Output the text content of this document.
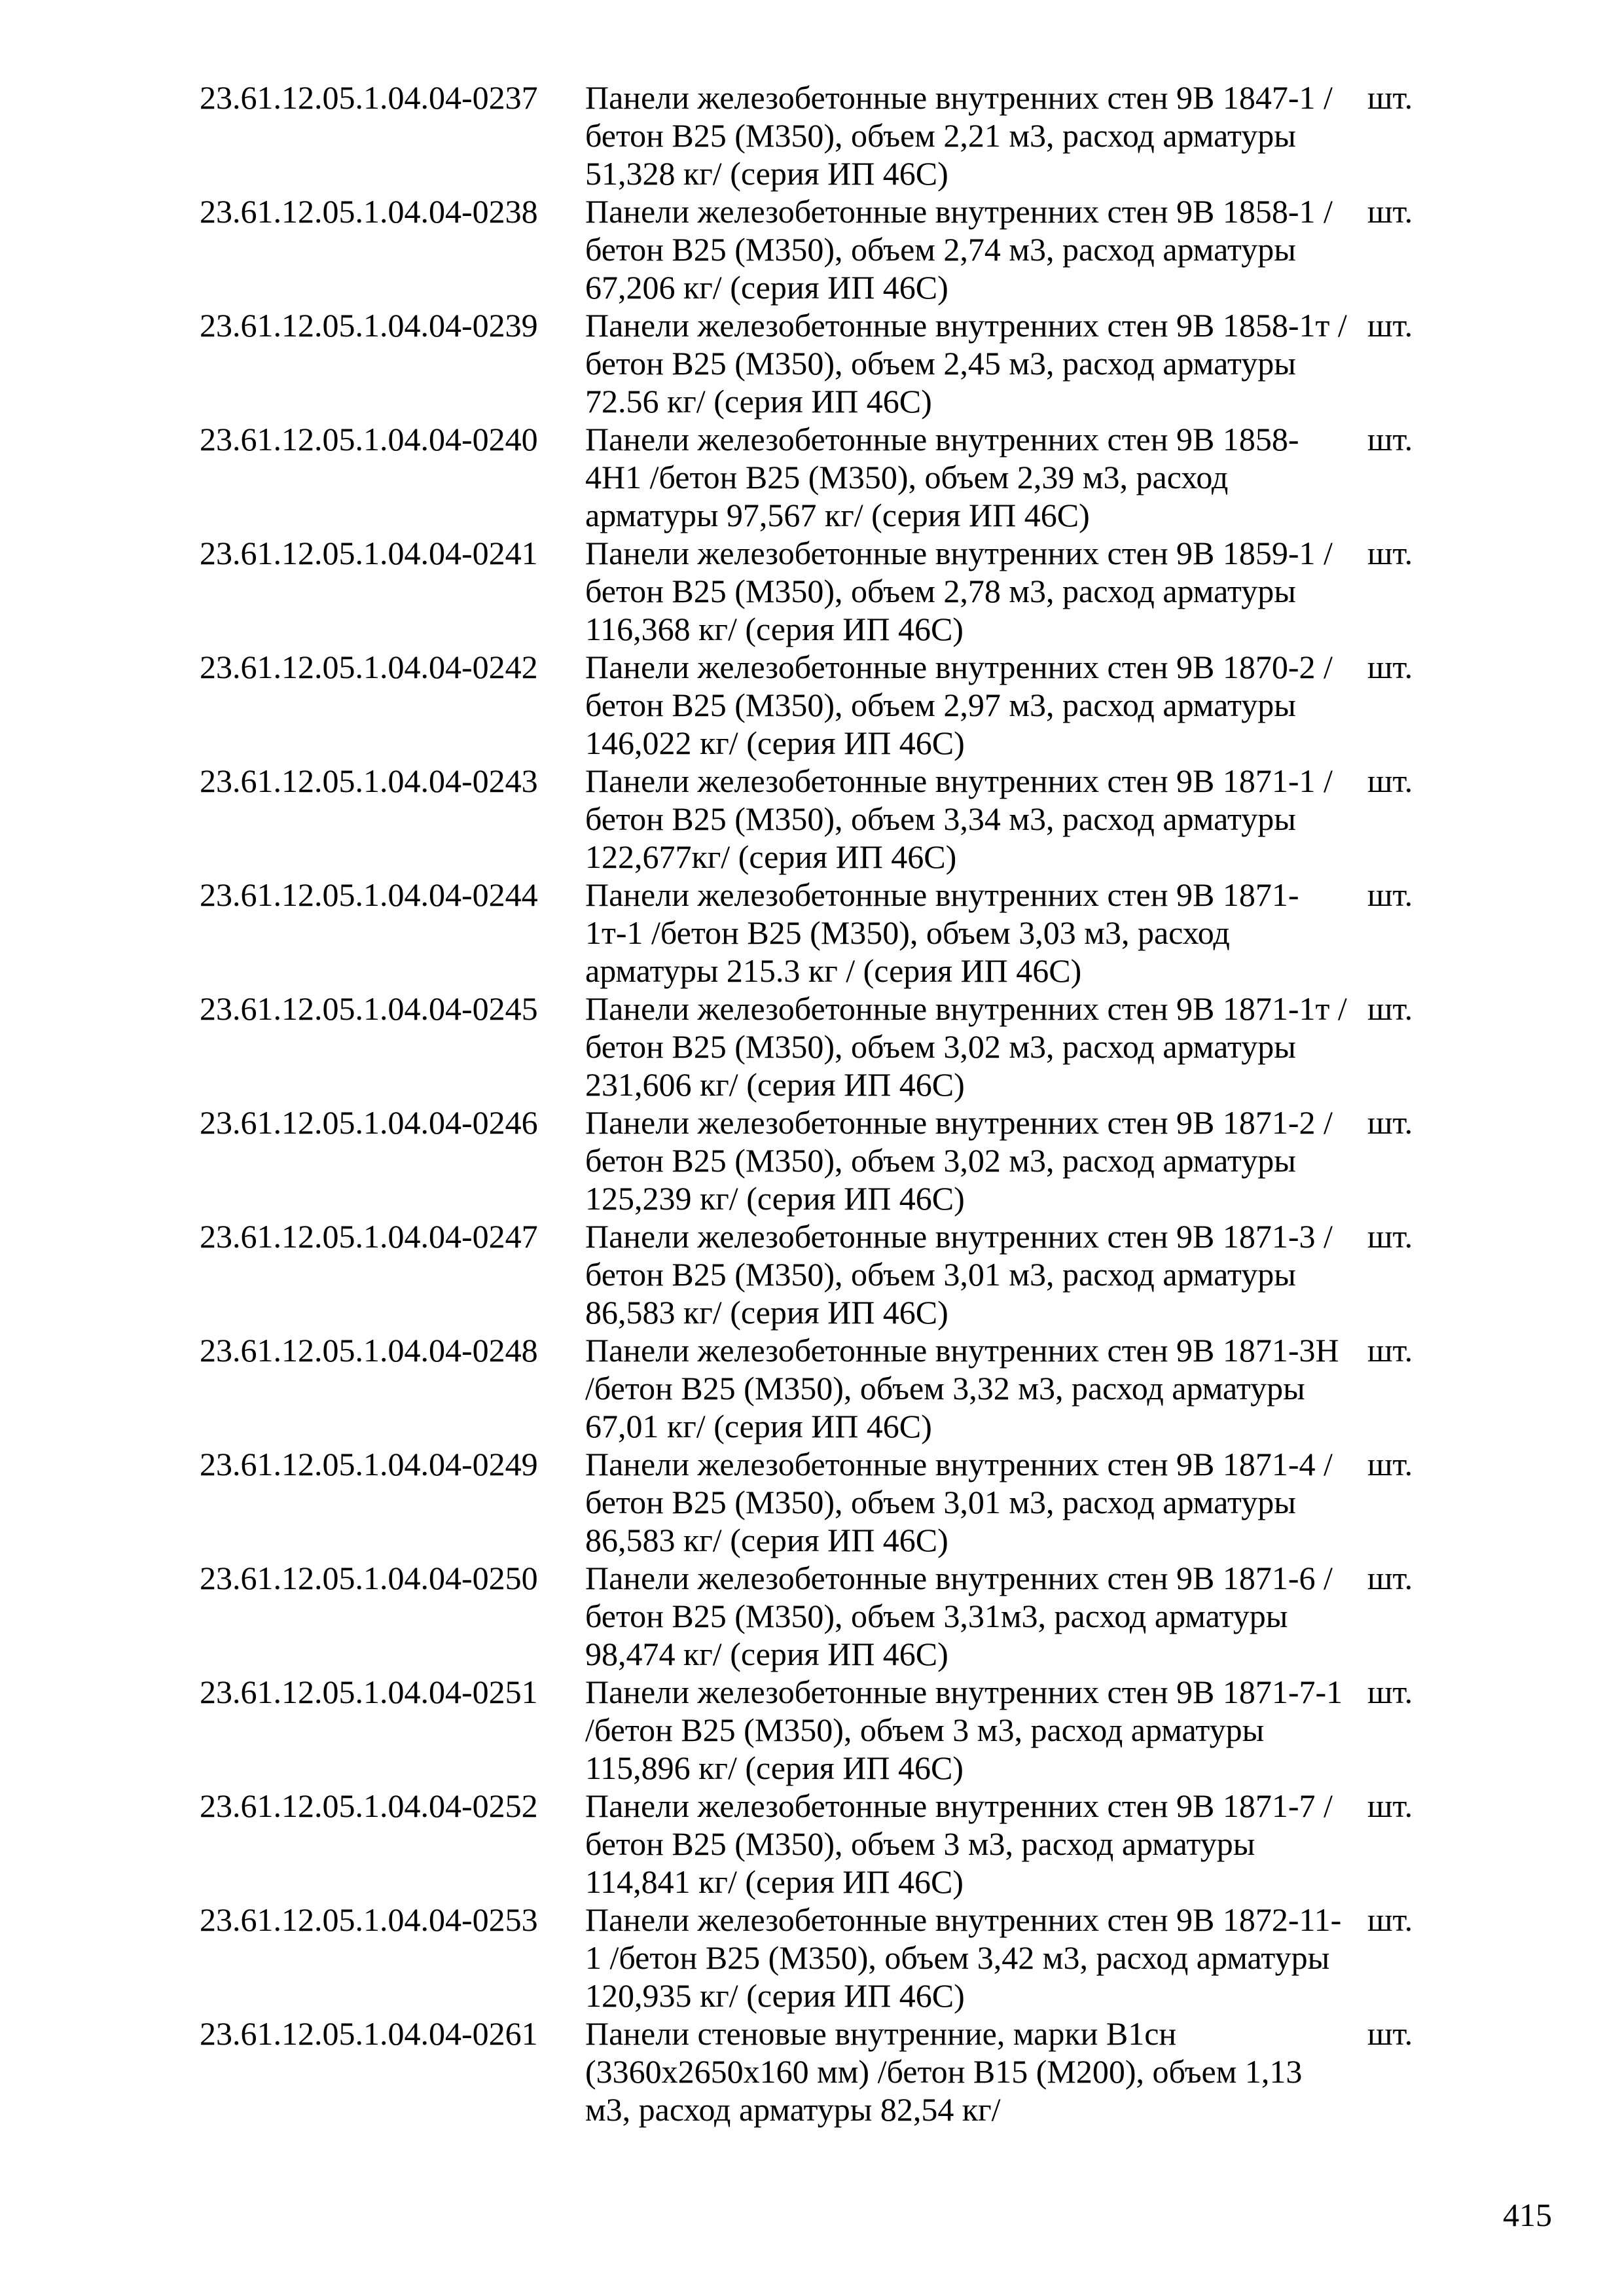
23.61.12.05.1.04.04-0237	Панели железобетонные внутренних стен 9В 1847-1 /бетон В25 (М350), объем 2,21 м3, расход арматуры 51,328 кг/ (серия ИП 46С)	шт.
23.61.12.05.1.04.04-0238	Панели железобетонные внутренних стен 9В 1858-1 /бетон В25 (М350), объем 2,74 м3, расход арматуры 67,206 кг/ (серия ИП 46С)	шт.
23.61.12.05.1.04.04-0239	Панели железобетонные внутренних стен 9В 1858-1т /бетон В25 (М350), объем 2,45 м3, расход арматуры 72.56 кг/ (серия ИП 46С)	шт.
23.61.12.05.1.04.04-0240	Панели железобетонные внутренних стен 9В 1858-4Н1 /бетон В25 (М350), объем 2,39 м3, расход арматуры 97,567 кг/ (серия ИП 46С)	шт.
23.61.12.05.1.04.04-0241	Панели железобетонные внутренних стен 9В 1859-1 /бетон В25 (М350), объем 2,78 м3, расход арматуры 116,368 кг/ (серия ИП 46С)	шт.
23.61.12.05.1.04.04-0242	Панели железобетонные внутренних стен 9В 1870-2 /бетон В25 (М350), объем 2,97 м3, расход арматуры 146,022 кг/ (серия ИП 46С)	шт.
23.61.12.05.1.04.04-0243	Панели железобетонные внутренних стен 9В 1871-1 /бетон В25 (М350), объем 3,34 м3, расход арматуры 122,677кг/ (серия ИП 46С)	шт.
23.61.12.05.1.04.04-0244	Панели железобетонные внутренних стен 9В 1871-1т-1 /бетон В25 (М350), объем 3,03 м3, расход арматуры 215.3 кг / (серия ИП 46С)	шт.
23.61.12.05.1.04.04-0245	Панели железобетонные внутренних стен 9В 1871-1т /бетон В25 (М350), объем 3,02 м3, расход арматуры 231,606 кг/ (серия ИП 46С)	шт.
23.61.12.05.1.04.04-0246	Панели железобетонные внутренних стен 9В 1871-2 /бетон В25 (М350), объем 3,02 м3, расход арматуры 125,239 кг/ (серия ИП 46С)	шт.
23.61.12.05.1.04.04-0247	Панели железобетонные внутренних стен 9В 1871-3 /бетон В25 (М350), объем 3,01 м3, расход арматуры 86,583 кг/ (серия ИП 46С)	шт.
23.61.12.05.1.04.04-0248	Панели железобетонные внутренних стен 9В 1871-3Н /бетон В25 (М350), объем 3,32 м3, расход арматуры 67,01 кг/ (серия ИП 46С)	шт.
23.61.12.05.1.04.04-0249	Панели железобетонные внутренних стен 9В 1871-4 /бетон В25 (М350), объем 3,01 м3, расход арматуры 86,583 кг/ (серия ИП 46С)	шт.
23.61.12.05.1.04.04-0250	Панели железобетонные внутренних стен 9В 1871-6 /бетон В25 (М350), объем 3,31м3, расход арматуры 98,474 кг/ (серия ИП 46С)	шт.
23.61.12.05.1.04.04-0251	Панели железобетонные внутренних стен 9В 1871-7-1 /бетон В25 (М350), объем 3 м3, расход арматуры 115,896 кг/ (серия ИП 46С)	шт.
23.61.12.05.1.04.04-0252	Панели железобетонные внутренних стен 9В 1871-7 /бетон В25 (М350), объем 3 м3, расход арматуры 114,841 кг/ (серия ИП 46С)	шт.
23.61.12.05.1.04.04-0253	Панели железобетонные внутренних стен 9В 1872-11-1 /бетон В25 (М350), объем 3,42 м3, расход арматуры 120,935 кг/ (серия ИП 46С)	шт.
23.61.12.05.1.04.04-0261	Панели стеновые внутренние, марки В1сн (3360x2650x160 мм) /бетон В15 (М200), объем 1,13 м3, расход арматуры 82,54 кг/	шт.
415
